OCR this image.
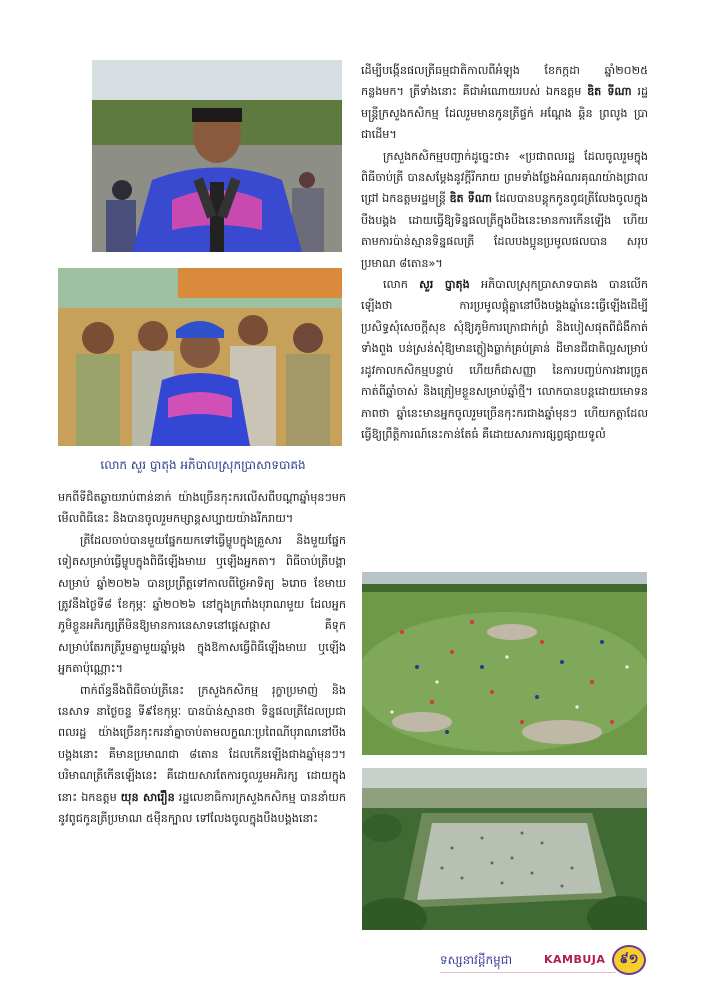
លោក សួរ ប្ញាតុង អភិបាលស្រុកប្រាសាទបាគង

មកពីទីជិតឆ្ងាយរាប់ពាន់នាក់ យ៉ាងច្រើនកុះករលើសពីបណ្តាឆ្នាំមុនៗមកមើលពិធីនេះ និងបានចូលរួមកម្សាន្តសប្បាយយ៉ាងរីករាយ។

ត្រីដែលចាប់បានមួយផ្នែកយកទៅធ្វើម្ហូបក្នុងគ្រួសារ និងមួយផ្នែកទៀតសម្រាប់ធ្វើម្ហូបក្នុងពិធីឡើងមាឃ ឬឡើងអ្នកតា។ ពិធីចាប់ត្រីបង្គាសម្រាប់ ឆ្នាំ២០២៦ បានប្រព្រឹត្តទៅកាលពីថ្ងៃអាទិត្យ ៦រោច ខែមាឃ ត្រូវនឹងថ្ងៃទី៨ ខែកុម្ភៈ ឆ្នាំ២០២៦ នៅក្នុងក្រពាំងបុរាណមួយ ដែលអ្នកភូមិខ្លួនអភិរក្សត្រីមិនឱ្យមានការនេសាទនៅផ្តេសផ្តាស គឺទុកសម្រាប់តែរកត្រីរួមគ្នាមួយឆ្នាំម្តង ក្នុងឱកាសធ្វើពិធីឡើងមាឃ ឬឡើងអ្នកតាប៉ុណ្ណោះ។

ពាក់ព័ន្ធនឹងពិធីចាប់ត្រីនេះ ក្រសួងកសិកម្ម រុក្ខាប្រមាញ់ និងនេសាទ នាថ្ងៃចន្ទ ទី៩ខែកុម្ភៈ បានប៉ាន់ស្មានថា ទិន្នផលត្រីដែលប្រជាពលរដ្ឋ យ៉ាងច្រើនកុះករនាំគ្នាចាប់តាមលក្ខណៈប្រពៃណីបុរាណនៅបឹងបង្គងនោះ គឺមានប្រមាណជា ៨តោន ដែលកើនឡើងជាងឆ្នាំមុនៗ។ បរិមាណត្រីកើនឡើងនេះ គឺដោយសារតែការចូលរួមអភិរក្ស ដោយក្នុងនោះ ឯកឧត្តម យុន សារ៉ឿន រដ្ឋលេខាធិការក្រសួងកសិកម្ម បាននាំយកនូវពូជកូនត្រីប្រមាណ ៥ម៉ឺនក្បាល ទៅលែងចូលក្នុងបឹងបង្គងនោះ

ដើម្បីបង្កើនផលត្រីធម្មជាតិកាលពីអំឡុង ខែកក្កដា ឆ្នាំ២០២៥ កន្លងមក។ ត្រីទាំងនោះ គឺជាអំណោយរបស់ ឯកឧត្តម ឌិត ទីណា រដ្ឋមន្ត្រីក្រសួងកសិកម្ម ដែលរួមមានកូនត្រីផ្ទក់ អណ្តែង ឆ្តិន ព្រលូង ប្រា ជាដើម។

ក្រសួងកសិកម្មបញ្ជាក់ដូច្នេះថា៖ «ប្រជាពលរដ្ឋ ដែលចូលរួមក្នុងពិធីចាប់ត្រី បានសម្តែងនូវក្តីរីករាយ ព្រមទាំងថ្លែងអំណរគុណយ៉ាងជ្រាលជ្រៅ ឯកឧត្តមរដ្ឋមន្ត្រី ឌិត ទីណា ដែលបានបន្តុកកូនពូជត្រីលែងចូលក្នុងបឹងបង្គង ដោយធ្វើឱ្យទិន្នផលត្រីក្នុងបឹងនេះមានការកើនឡើង ហើយតាមការប៉ាន់ស្មានទិន្នផលត្រី ដែលបងប្អូនប្រមូលផលបាន សរុបប្រមាណ ៨តោន»។

លោក សួរ ប្ញាតុង អភិបាលស្រុកប្រាសាទបាគង បានលើកឡើងថា ការប្រមូលផ្តុំគ្នានៅបឹងបង្គងឆ្នាំនេះធ្វើឡើងដើម្បីប្រសិទ្ធសុំសេចក្តីសុខ សុំឱ្យភូមិការក្រោជាក់ព្រំ និងបៀសផុតពីជំងឺកាត់ទាំងពួង បន់ស្រន់សុំឱ្យមានភ្លៀងធ្លាក់គ្រប់គ្រាន់ ដីមានជីជាតិល្អសម្រាប់រដូវកាលកសិកម្មបន្ទាប់ ហើយក៏ជាសញ្ញា នៃការបញ្ចប់ការងារច្រូតកាត់ពីឆ្នាំចាស់ និងត្រៀមខ្លួនសម្រាប់ឆ្នាំថ្មី។ លោកបានបន្តដោយមោទនភាពថា ឆ្នាំនេះមានអ្នកចូលរួមច្រើនកុះករជាងឆ្នាំមុនៗ ហើយកត្តាដែលធ្វើឱ្យព្រឹត្តិការណ៍នេះកាន់តែធំ គឺដោយសារការផ្សព្វផ្សាយទូលំ

ទស្សនាវដ្តីកម្ពុជា	KAMBUJA	៩១
